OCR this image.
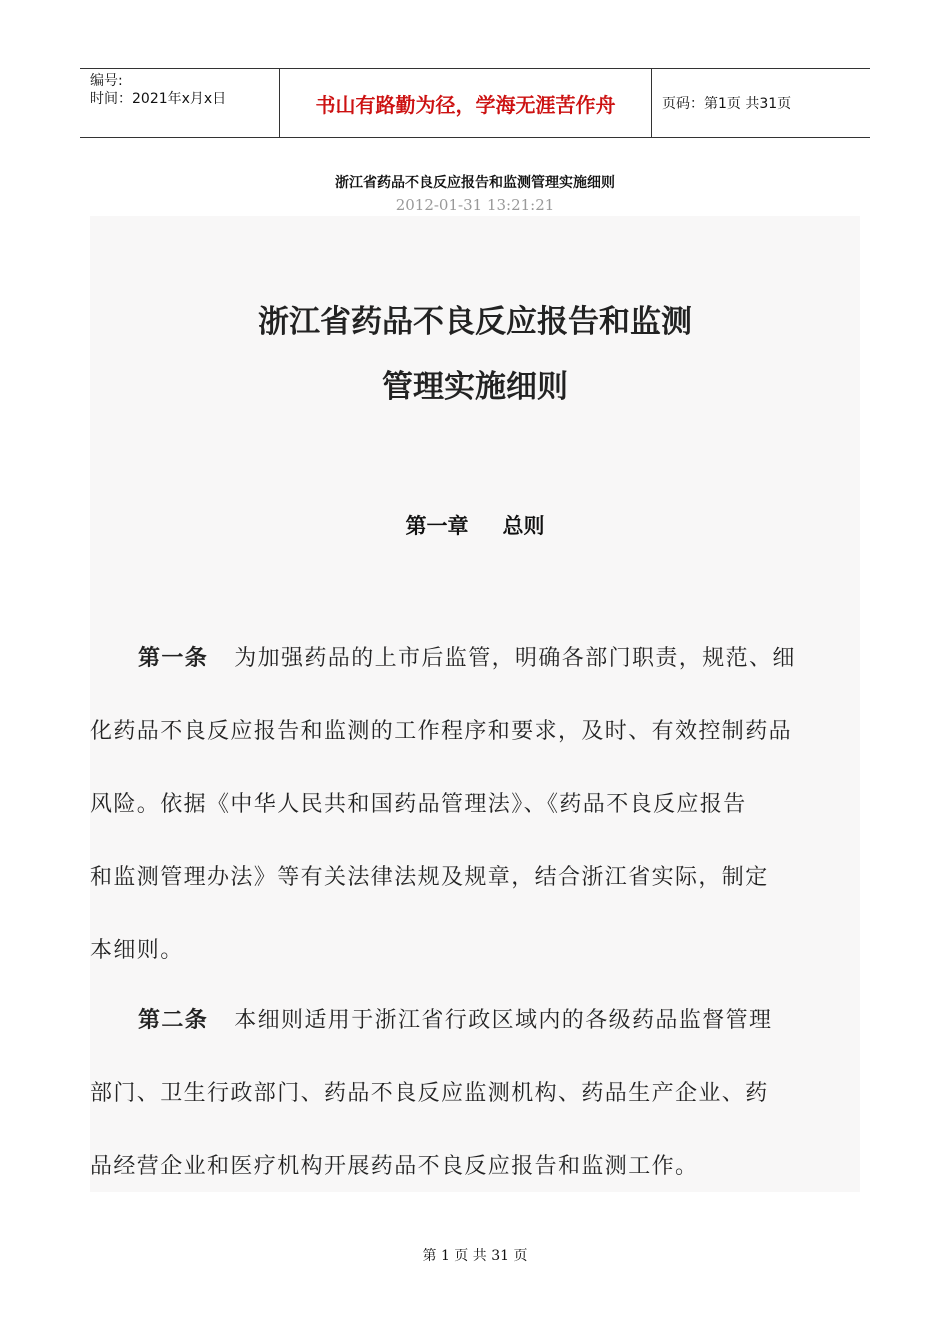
编号:
时间：2021年x月x日	书山有路勤为径，学海无涯苦作舟	页码：第1页 共31页
浙江省药品不良反应报告和监测管理实施细则
2012-01-31 13:21:21
浙江省药品不良反应报告和监测
管理实施细则
第一章 总则
第一条 为加强药品的上市后监管，明确各部门职责，规范、细
化药品不良反应报告和监测的工作程序和要求，及时、有效控制药品
风险。依据《中华人民共和国药品管理法》、《药品不良反应报告
和监测管理办法》等有关法律法规及规章，结合浙江省实际，制定
本细则。
第二条 本细则适用于浙江省行政区域内的各级药品监督管理
部门、卫生行政部门、药品不良反应监测机构、药品生产企业、药
品经营企业和医疗机构开展药品不良反应报告和监测工作。
第 1 页 共 31 页
